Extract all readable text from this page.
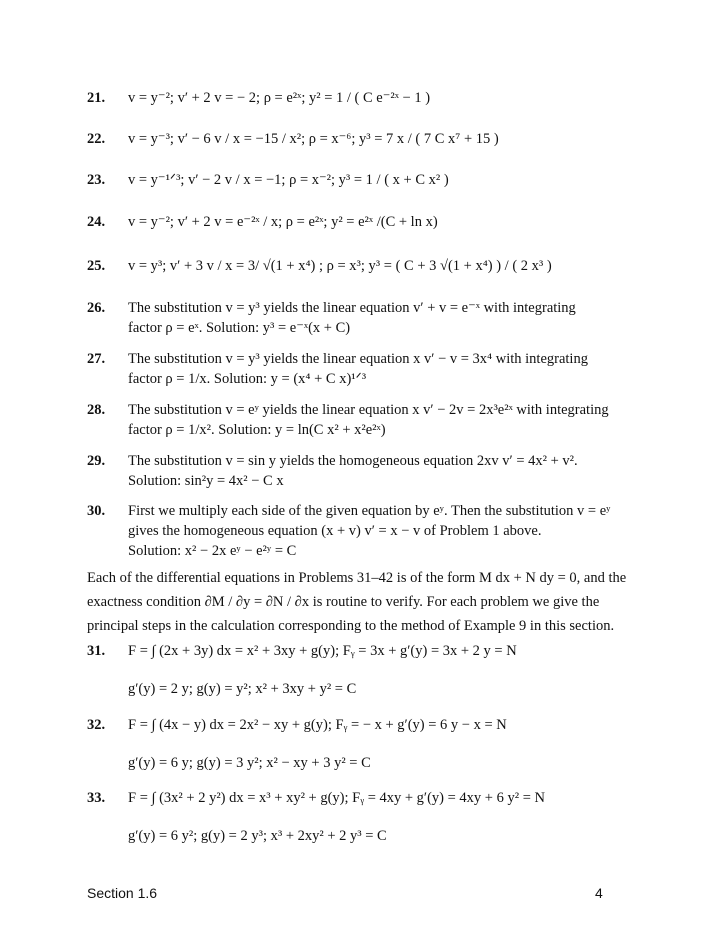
21. v = y⁻²; v′ + 2 v = − 2; ρ = e²ˣ; y² = 1 / ( C e⁻²ˣ − 1 )
22. v = y⁻³; v′ − 6 v / x = −15 / x²; ρ = x⁻⁶; y³ = 7 x / ( 7 C x⁷ + 15 )
23. v = y⁻¹ᐟ³; v′ − 2 v / x = −1; ρ = x⁻²; y³ = 1 / ( x + C x² )
24. v = y⁻²; v′ + 2 v = e⁻²ˣ / x; ρ = e²ˣ; y² = e²ˣ /(C + ln x)
25. v = y³; v′ + 3 v / x = 3/ √(1 + x⁴) ; ρ = x³; y³ = ( C + 3 √(1 + x⁴) ) / ( 2 x³ )
26. The substitution v = y³ yields the linear equation v′ + v = e⁻ˣ with integrating
factor ρ = eˣ. Solution: y³ = e⁻ˣ(x + C)
27. The substitution v = y³ yields the linear equation x v′ − v = 3x⁴ with integrating
factor ρ = 1/x. Solution: y = (x⁴ + C x)¹ᐟ³
28. The substitution v = eʸ yields the linear equation x v′ − 2v = 2x³e²ˣ with integrating
factor ρ = 1/x². Solution: y = ln(C x² + x²e²ˣ)
29. The substitution v = sin y yields the homogeneous equation 2xv v′ = 4x² + v².
Solution: sin²y = 4x² − C x
30. First we multiply each side of the given equation by eʸ. Then the substitution v = eʸ
gives the homogeneous equation (x + v) v′ = x − v of Problem 1 above.
Solution: x² − 2x eʸ − e²ʸ = C
Each of the differential equations in Problems 31–42 is of the form M dx + N dy = 0, and the exactness condition ∂M / ∂y = ∂N / ∂x is routine to verify. For each problem we give the principal steps in the calculation corresponding to the method of Example 9 in this section.
31. F = ∫ (2x + 3y) dx = x² + 3xy + g(y); Fᵧ = 3x + g′(y) = 3x + 2 y = N
g′(y) = 2 y; g(y) = y²; x² + 3xy + y² = C
32. F = ∫ (4x − y) dx = 2x² − xy + g(y); Fᵧ = − x + g′(y) = 6 y − x = N
g′(y) = 6 y; g(y) = 3 y²; x² − xy + 3 y² = C
33. F = ∫ (3x² + 2 y²) dx = x³ + xy² + g(y); Fᵧ = 4xy + g′(y) = 4xy + 6 y² = N
g′(y) = 6 y²; g(y) = 2 y³; x³ + 2xy² + 2 y³ = C
Section 1.6	4
